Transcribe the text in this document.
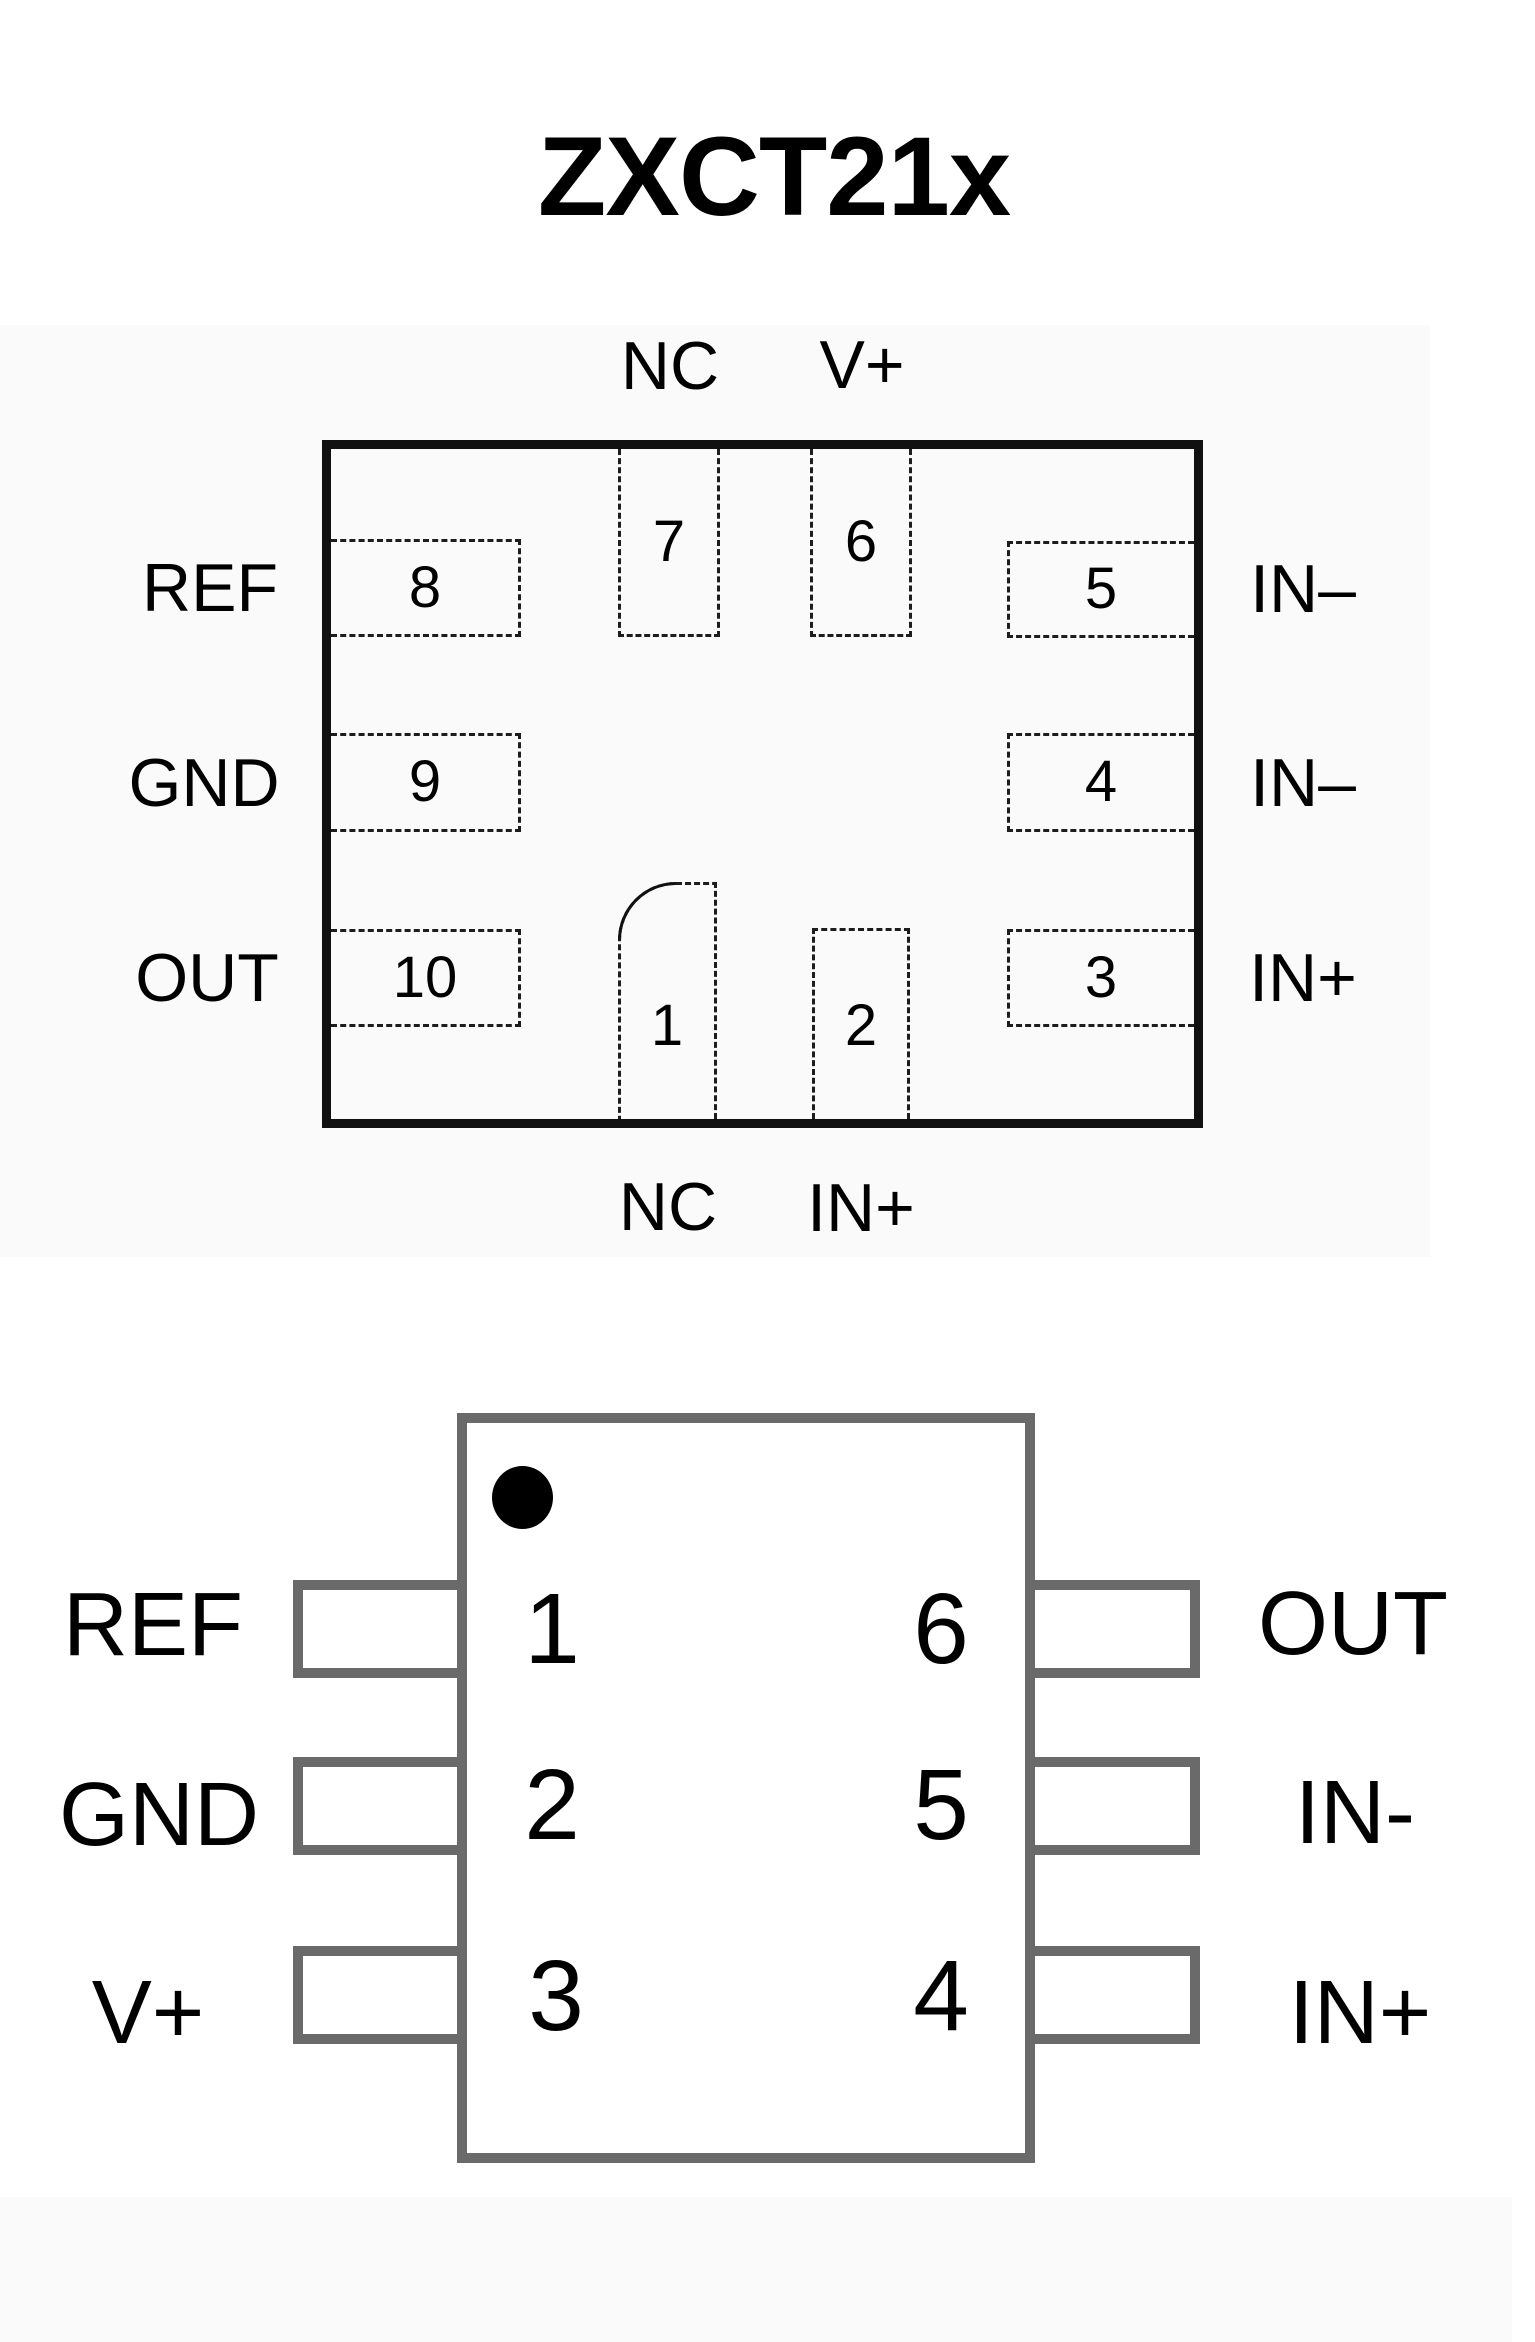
ZXCT21x
7	6
8
9
10
5
4
3
1	2
NC V+
REF
GND
OUT
IN–
IN–
IN+
NC IN+
1
2
3
6
5
4
REF
GND
V+
OUT
IN-
IN+
